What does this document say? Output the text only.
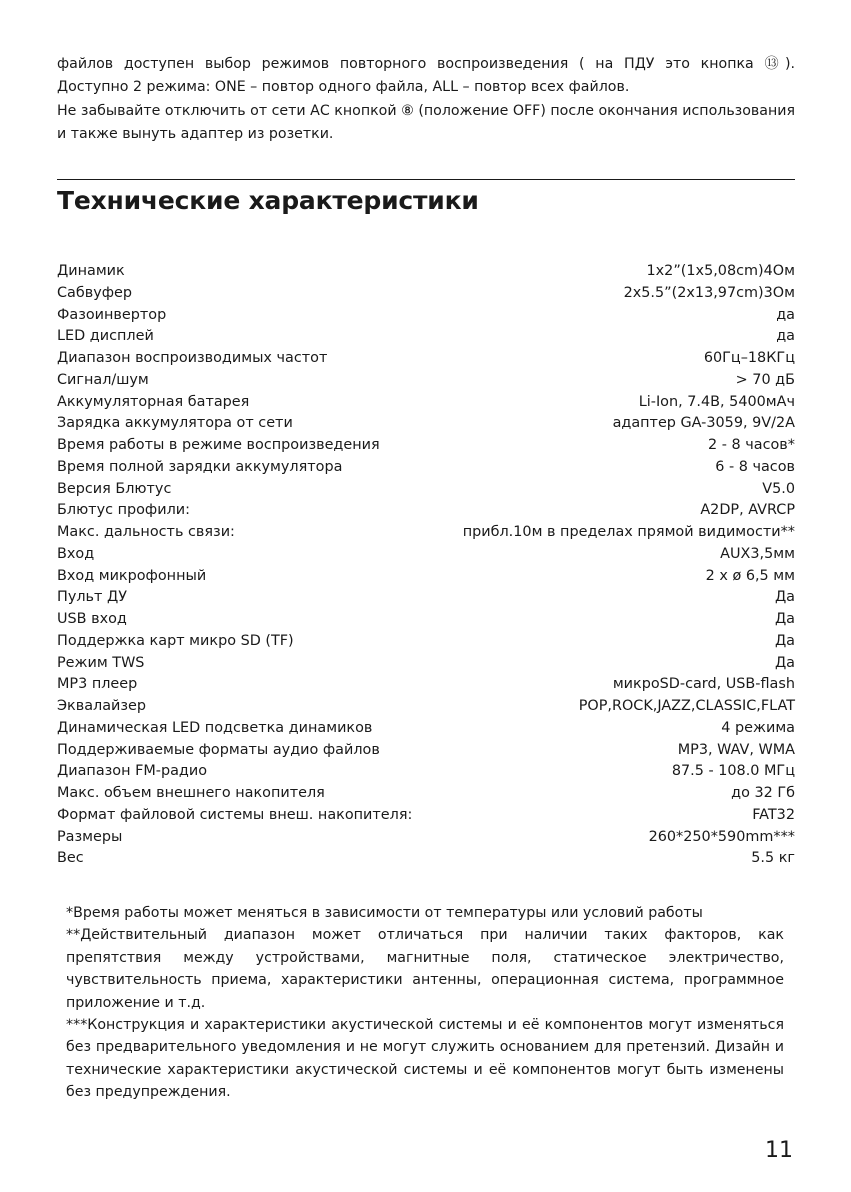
файлов доступен выбор режимов повторного воспроизведения ( на ПДУ это кнопка ⑬). Доступно 2 режима: ONE – повтор одного файла, ALL – повтор всех файлов.

Не забывайте отключить от сети АС кнопкой ⑧ (положение OFF) после окончания использования и также вынуть адаптер из розетки.

Технические характеристики
Динамик	1x2”(1x5,08cm)4Ом
Сабвуфер	2x5.5”(2x13,97cm)3Ом
Фазоинвертор	да
LED дисплей	да
Диапазон воспроизводимых частот	60Гц–18КГц
Сигнал/шум	> 70 дБ
Аккумуляторная батарея	Li-Ion, 7.4В, 5400мАч
Зарядка аккумулятора от сети	адаптер GA-3059, 9V/2A
Время работы в режиме воспроизведения	2 - 8 часов*
Время полной зарядки аккумулятора	6 - 8 часов
Версия Блютус	V5.0
Блютус профили:	A2DP, AVRCP
Макс. дальность связи:	прибл.10м в пределах прямой видимости**
Вход	AUX3,5мм
Вход микрофонный	2 x ø 6,5 мм
Пульт ДУ	Да
USB вход	Да
Поддержка карт микро SD (TF)	Да
Режим TWS	Да
MP3 плеер	микроSD-card, USB-flash
Эквалайзер	POP,ROCK,JAZZ,CLASSIC,FLAT
Динамическая LED подсветка динамиков	4 режима
Поддерживаемые форматы аудио файлов	MP3, WAV, WMA
Диапазон FM-радио	87.5 - 108.0 МГц
Макс. объем внешнего накопителя	до 32 Гб
Формат файловой системы внеш. накопителя:	FAT32
Размеры	260*250*590mm***
Вес	5.5 кг

*Время работы может меняться в зависимости от температуры или условий работы

**Действительный диапазон может отличаться при наличии таких факторов, как препятствия между устройствами, магнитные поля, статическое электричество, чувствительность приема, характеристики антенны, операционная система, программное приложение и т.д.

***Конструкция и характеристики акустической системы и её компонентов могут изменяться без предварительного уведомления и не могут служить основанием для претензий. Дизайн и технические характеристики акустической системы и её компонентов могут быть изменены без предупреждения.

11
